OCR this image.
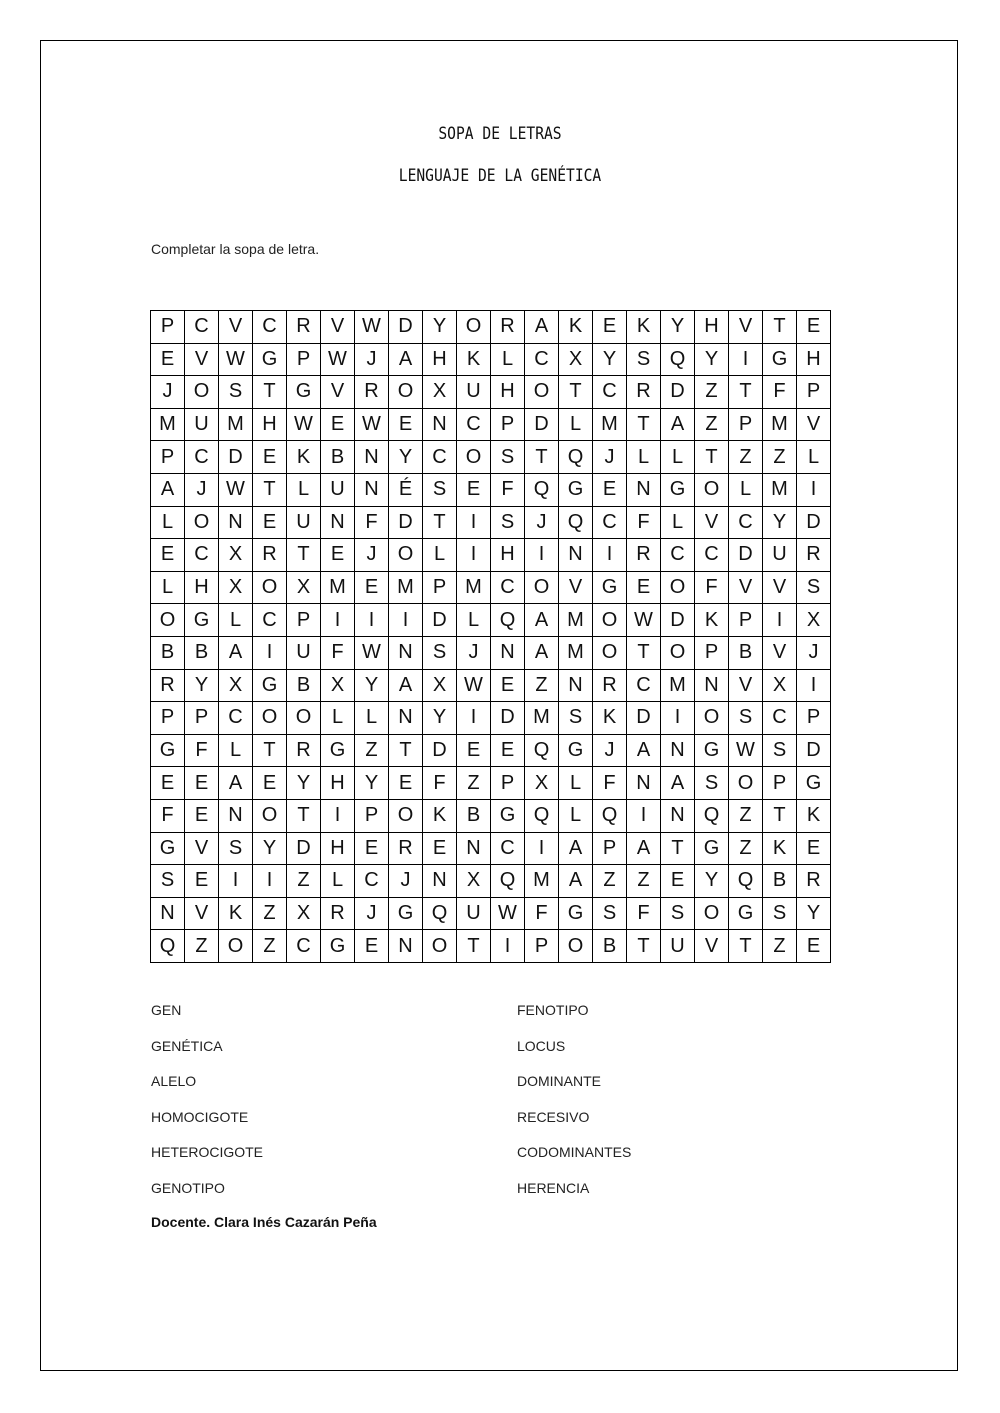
SOPA DE LETRAS
LENGUAJE DE LA GENÉTICA
Completar la sopa de letra.
P	C	V	C	R	V	W	D	Y	O	R	A	K	E	K	Y	H	V	T	E
E	V	W	G	P	W	J	A	H	K	L	C	X	Y	S	Q	Y	I	G	H
J	O	S	T	G	V	R	O	X	U	H	O	T	C	R	D	Z	T	F	P
M	U	M	H	W	E	W	E	N	C	P	D	L	M	T	A	Z	P	M	V
P	C	D	E	K	B	N	Y	C	O	S	T	Q	J	L	L	T	Z	Z	L
A	J	W	T	L	U	N	É	S	E	F	Q	G	E	N	G	O	L	M	I
L	O	N	E	U	N	F	D	T	I	S	J	Q	C	F	L	V	C	Y	D
E	C	X	R	T	E	J	O	L	I	H	I	N	I	R	C	C	D	U	R
L	H	X	O	X	M	E	M	P	M	C	O	V	G	E	O	F	V	V	S
O	G	L	C	P	I	I	I	D	L	Q	A	M	O	W	D	K	P	I	X
B	B	A	I	U	F	W	N	S	J	N	A	M	O	T	O	P	B	V	J
R	Y	X	G	B	X	Y	A	X	W	E	Z	N	R	C	M	N	V	X	I
P	P	C	O	O	L	L	N	Y	I	D	M	S	K	D	I	O	S	C	P
G	F	L	T	R	G	Z	T	D	E	E	Q	G	J	A	N	G	W	S	D
E	E	A	E	Y	H	Y	E	F	Z	P	X	L	F	N	A	S	O	P	G
F	E	N	O	T	I	P	O	K	B	G	Q	L	Q	I	N	Q	Z	T	K
G	V	S	Y	D	H	E	R	E	N	C	I	A	P	A	T	G	Z	K	E
S	E	I	I	Z	L	C	J	N	X	Q	M	A	Z	Z	E	Y	Q	B	R
N	V	K	Z	X	R	J	G	Q	U	W	F	G	S	F	S	O	G	S	Y
Q	Z	O	Z	C	G	E	N	O	T	I	P	O	B	T	U	V	T	Z	E
GEN
GENÉTICA
ALELO
HOMOCIGOTE
HETEROCIGOTE
GENOTIPO
FENOTIPO
LOCUS
DOMINANTE
RECESIVO
CODOMINANTES
HERENCIA
Docente. Clara Inés Cazarán Peña
